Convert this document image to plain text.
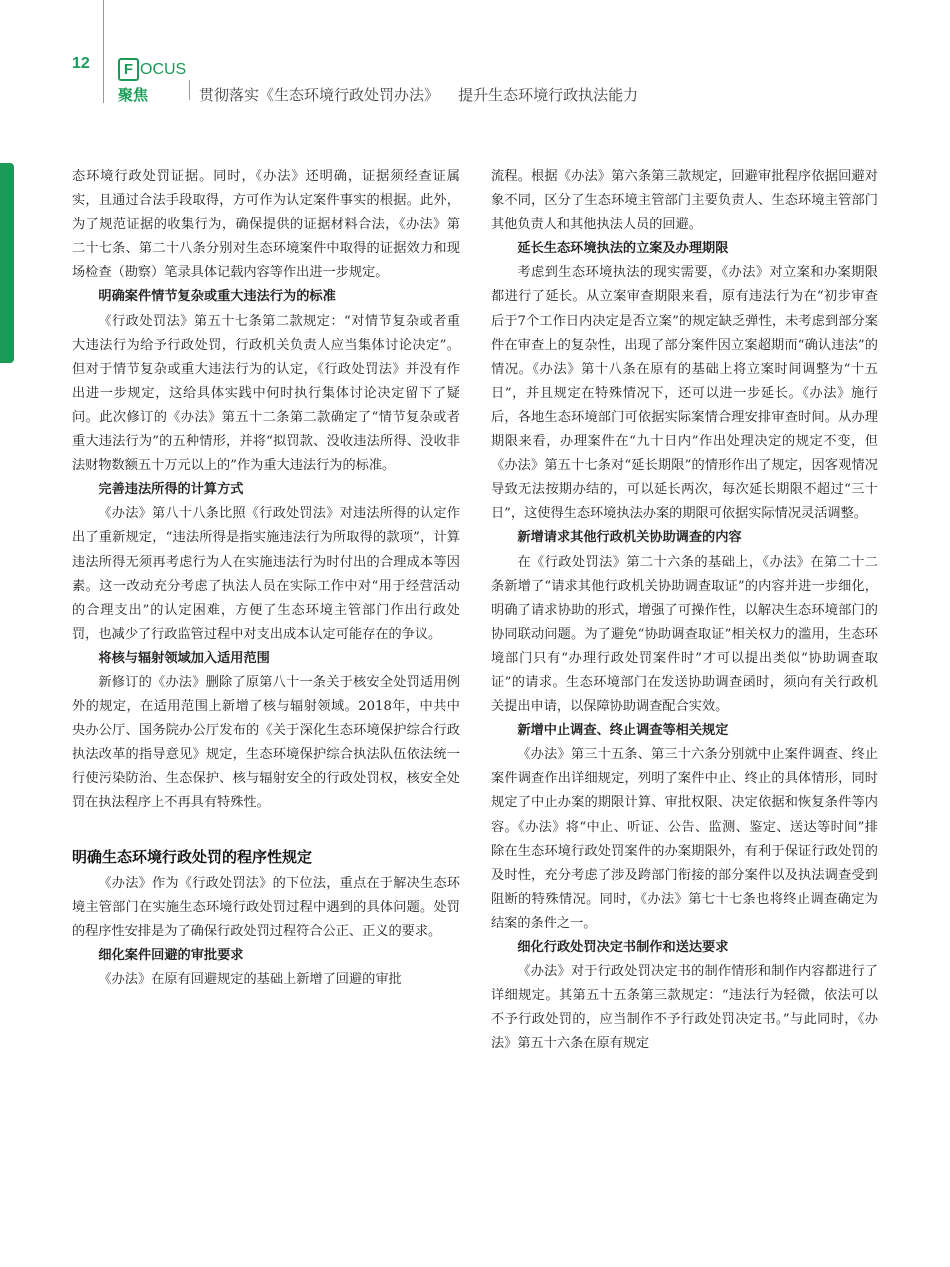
12	F OCUS
聚焦	贯彻落实《生态环境行政处罚办法》    提升生态环境行政执法能力

态环境行政处罚证据。同时，《办法》还明确，证据须经查证属实，且通过合法手段取得，方可作为认定案件事实的根据。此外，为了规范证据的收集行为，确保提供的证据材料合法，《办法》第二十七条、第二十八条分别对生态环境案件中取得的证据效力和现场检查（勘察）笔录具体记载内容等作出进一步规定。

明确案件情节复杂或重大违法行为的标准

《行政处罚法》第五十七条第二款规定：“对情节复杂或者重大违法行为给予行政处罚，行政机关负责人应当集体讨论决定”。但对于情节复杂或重大违法行为的认定，《行政处罚法》并没有作出进一步规定，这给具体实践中何时执行集体讨论决定留下了疑问。此次修订的《办法》第五十二条第二款确定了“情节复杂或者重大违法行为”的五种情形，并将“拟罚款、没收违法所得、没收非法财物数额五十万元以上的”作为重大违法行为的标准。

完善违法所得的计算方式

《办法》第八十八条比照《行政处罚法》对违法所得的认定作出了重新规定，“违法所得是指实施违法行为所取得的款项”，计算违法所得无须再考虑行为人在实施违法行为时付出的合理成本等因素。这一改动充分考虑了执法人员在实际工作中对“用于经营活动的合理支出”的认定困难，方便了生态环境主管部门作出行政处罚，也减少了行政监管过程中对支出成本认定可能存在的争议。

将核与辐射领域加入适用范围

新修订的《办法》删除了原第八十一条关于核安全处罚适用例外的规定，在适用范围上新增了核与辐射领域。2018年，中共中央办公厅、国务院办公厅发布的《关于深化生态环境保护综合行政执法改革的指导意见》规定，生态环境保护综合执法队伍依法统一行使污染防治、生态保护、核与辐射安全的行政处罚权，核安全处罚在执法程序上不再具有特殊性。

明确生态环境行政处罚的程序性规定

《办法》作为《行政处罚法》的下位法，重点在于解决生态环境主管部门在实施生态环境行政处罚过程中遇到的具体问题。处罚的程序性安排是为了确保行政处罚过程符合公正、正义的要求。

细化案件回避的审批要求

《办法》在原有回避规定的基础上新增了回避的审批

流程。根据《办法》第六条第三款规定，回避审批程序依据回避对象不同，区分了生态环境主管部门主要负责人、生态环境主管部门其他负责人和其他执法人员的回避。

延长生态环境执法的立案及办理期限

考虑到生态环境执法的现实需要，《办法》对立案和办案期限都进行了延长。从立案审查期限来看，原有违法行为在“初步审查后于7个工作日内决定是否立案”的规定缺乏弹性，未考虑到部分案件在审查上的复杂性，出现了部分案件因立案超期而“确认违法”的情况。《办法》第十八条在原有的基础上将立案时间调整为“十五日”，并且规定在特殊情况下，还可以进一步延长。《办法》施行后，各地生态环境部门可依据实际案情合理安排审查时间。从办理期限来看，办理案件在“九十日内”作出处理决定的规定不变，但《办法》第五十七条对“延长期限”的情形作出了规定，因客观情况导致无法按期办结的，可以延长两次，每次延长期限不超过“三十日”，这使得生态环境执法办案的期限可依据实际情况灵活调整。

新增请求其他行政机关协助调查的内容

在《行政处罚法》第二十六条的基础上，《办法》在第二十二条新增了“请求其他行政机关协助调查取证”的内容并进一步细化，明确了请求协助的形式，增强了可操作性，以解决生态环境部门的协同联动问题。为了避免“协助调查取证”相关权力的滥用，生态环境部门只有“办理行政处罚案件时”才可以提出类似“协助调查取证”的请求。生态环境部门在发送协助调查函时，须向有关行政机关提出申请，以保障协助调查配合实效。

新增中止调查、终止调查等相关规定

《办法》第三十五条、第三十六条分别就中止案件调查、终止案件调查作出详细规定，列明了案件中止、终止的具体情形，同时规定了中止办案的期限计算、审批权限、决定依据和恢复条件等内容。《办法》将“中止、听证、公告、监测、鉴定、送达等时间”排除在生态环境行政处罚案件的办案期限外，有利于保证行政处罚的及时性，充分考虑了涉及跨部门衔接的部分案件以及执法调查受到阻断的特殊情况。同时，《办法》第七十七条也将终止调查确定为结案的条件之一。

细化行政处罚决定书制作和送达要求

《办法》对于行政处罚决定书的制作情形和制作内容都进行了详细规定。其第五十五条第三款规定：“违法行为轻微，依法可以不予行政处罚的，应当制作不予行政处罚决定书。”与此同时，《办法》第五十六条在原有规定
